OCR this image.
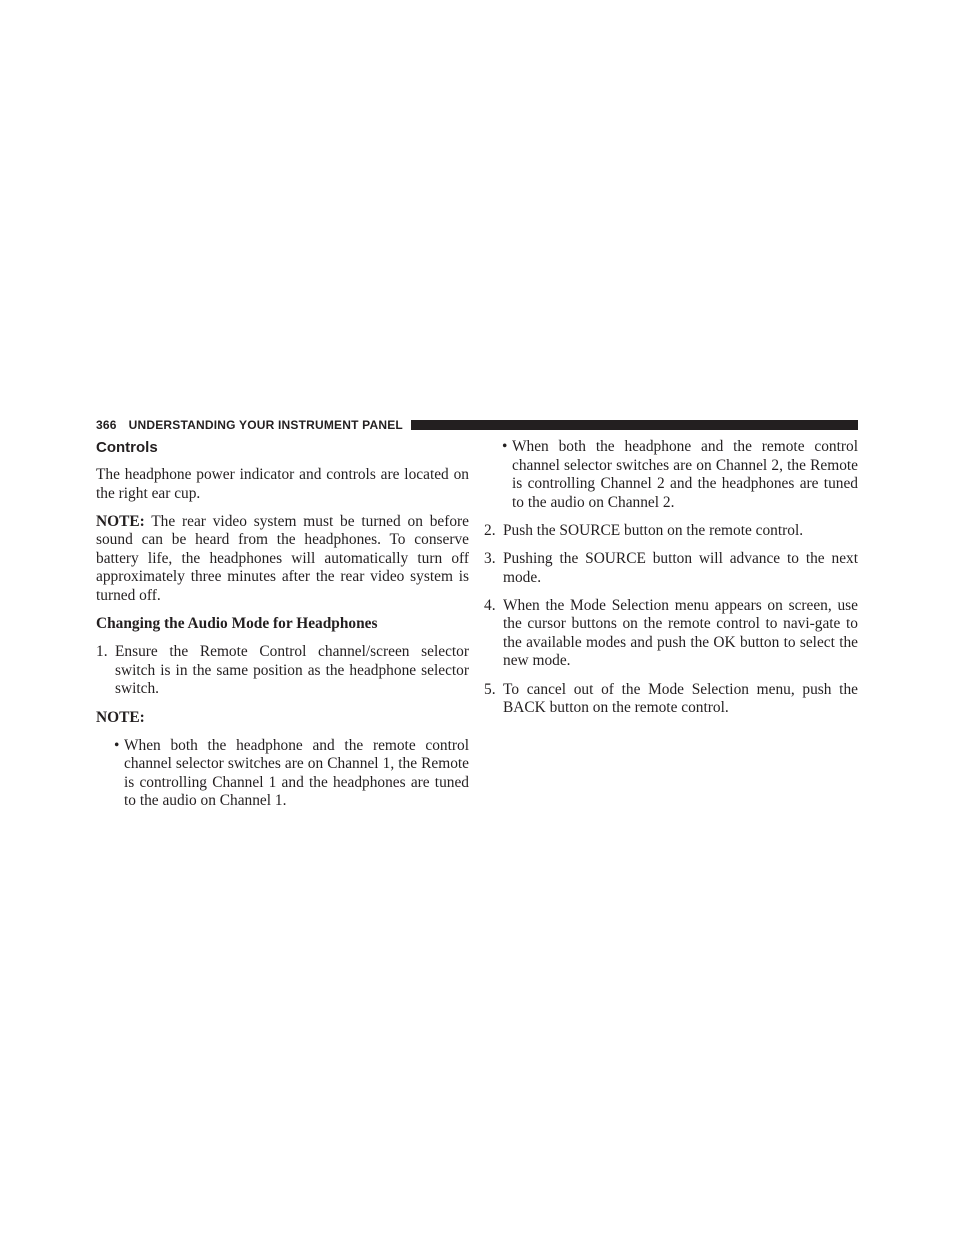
366 UNDERSTANDING YOUR INSTRUMENT PANEL
Controls

The headphone power indicator and controls are located on the right ear cup.

NOTE: The rear video system must be turned on before sound can be heard from the headphones. To conserve battery life, the headphones will automatically turn off approximately three minutes after the rear video system is turned off.

Changing the Audio Mode for Headphones
1. Ensure the Remote Control channel/screen selector switch is in the same position as the headphone selector switch.
NOTE:
• When both the headphone and the remote control channel selector switches are on Channel 1, the Remote is controlling Channel 1 and the headphones are tuned to the audio on Channel 1.
• When both the headphone and the remote control channel selector switches are on Channel 2, the Remote is controlling Channel 2 and the headphones are tuned to the audio on Channel 2.
2. Push the SOURCE button on the remote control.
3. Pushing the SOURCE button will advance to the next mode.
4. When the Mode Selection menu appears on screen, use the cursor buttons on the remote control to navi-gate to the available modes and push the OK button to select the new mode.
5. To cancel out of the Mode Selection menu, push the BACK button on the remote control.
